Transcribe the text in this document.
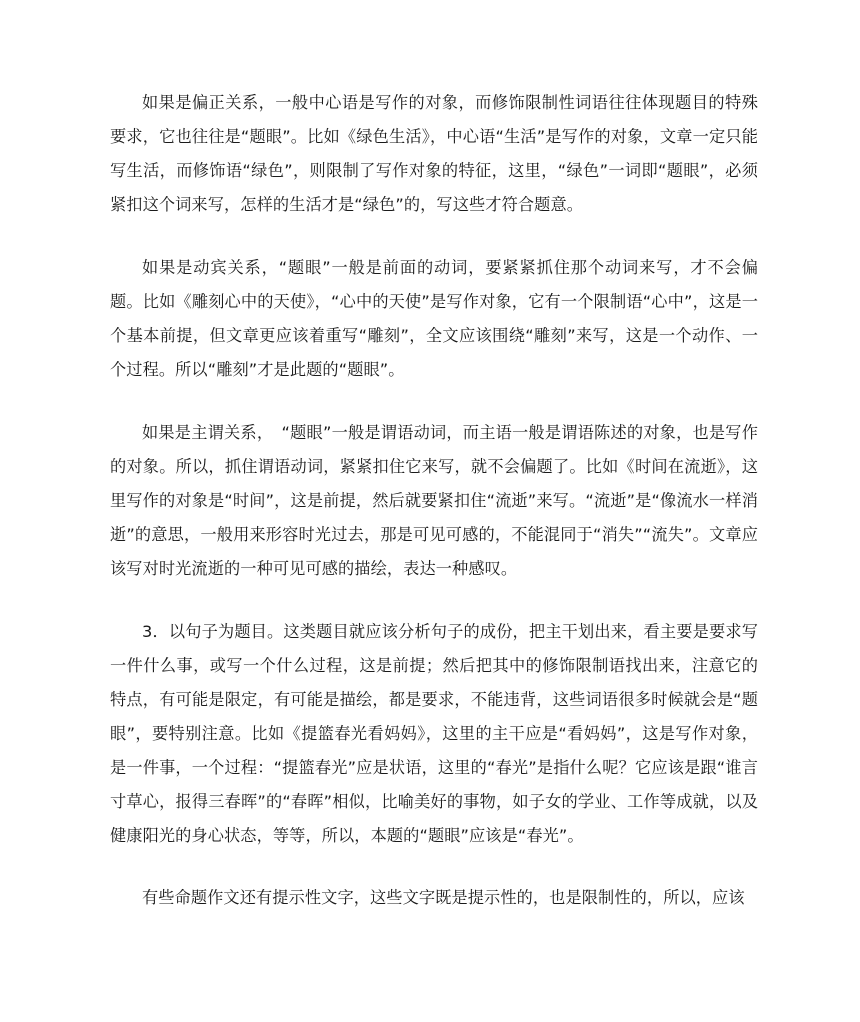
如果是偏正关系，一般中心语是写作的对象，而修饰限制性词语往往体现题目的特殊要求，它也往往是“题眼”。比如《绿色生活》，中心语“生活”是写作的对象，文章一定只能写生活，而修饰语“绿色”，则限制了写作对象的特征，这里，“绿色”一词即“题眼”，必须紧扣这个词来写，怎样的生活才是“绿色”的，写这些才符合题意。

如果是动宾关系，“题眼”一般是前面的动词，要紧紧抓住那个动词来写，才不会偏题。比如《雕刻心中的天使》，“心中的天使”是写作对象，它有一个限制语“心中”，这是一个基本前提，但文章更应该着重写“雕刻”，全文应该围绕“雕刻”来写，这是一个动作、一个过程。所以“雕刻”才是此题的“题眼”。

如果是主谓关系，　“题眼”一般是谓语动词，而主语一般是谓语陈述的对象，也是写作的对象。所以，抓住谓语动词，紧紧扣住它来写，就不会偏题了。比如《时间在流逝》，这里写作的对象是“时间”，这是前提，然后就要紧扣住“流逝”来写。“流逝”是“像流水一样消逝”的意思，一般用来形容时光过去，那是可见可感的，不能混同于“消失”“流失”。文章应该写对时光流逝的一种可见可感的描绘，表达一种感叹。

3．以句子为题目。这类题目就应该分析句子的成份，把主干划出来，看主要是要求写一件什么事，或写一个什么过程，这是前提；然后把其中的修饰限制语找出来，注意它的特点，有可能是限定，有可能是描绘，都是要求，不能违背，这些词语很多时候就会是“题眼”，要特别注意。比如《提篮春光看妈妈》，这里的主干应是“看妈妈”，这是写作对象，是一件事，一个过程：“提篮春光”应是状语，这里的“春光”是指什么呢？它应该是跟“谁言寸草心，报得三春晖”的“春晖”相似，比喻美好的事物，如子女的学业、工作等成就，以及健康阳光的身心状态，等等，所以，本题的“题眼”应该是“春光”。

有些命题作文还有提示性文字，这些文字既是提示性的，也是限制性的，所以，应该
